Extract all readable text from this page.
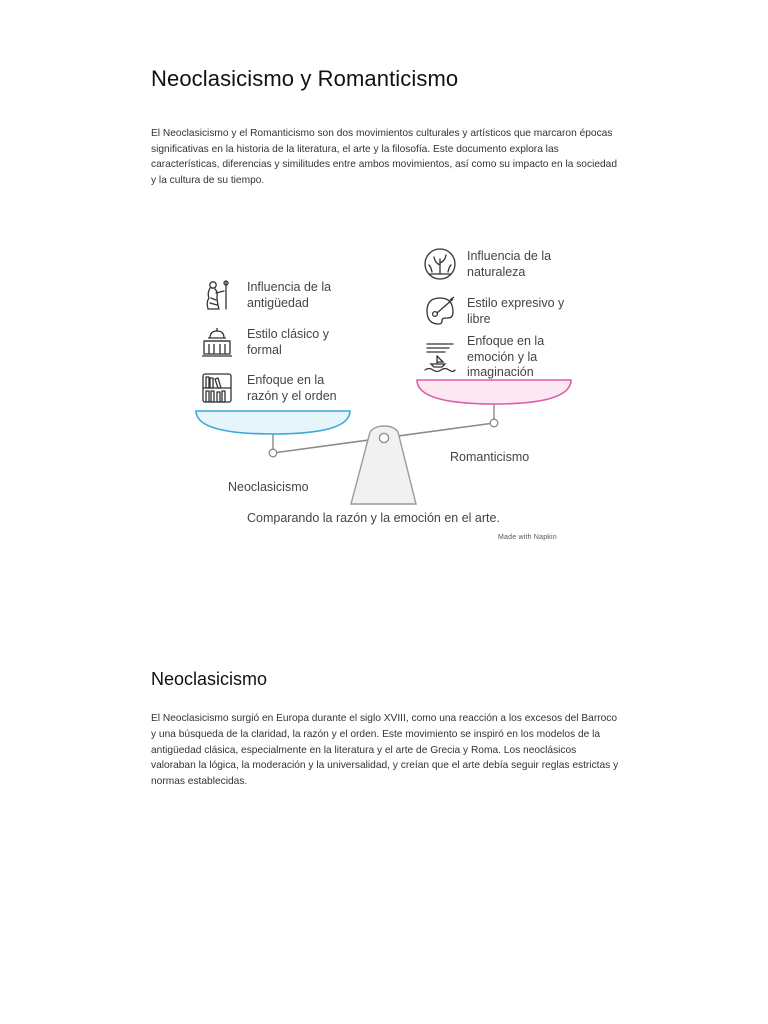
Neoclasicismo y Romanticismo

El Neoclasicismo y el Romanticismo son dos movimientos culturales y artísticos que marcaron épocas significativas en la historia de la literatura, el arte y la filosofía. Este documento explora las características, diferencias y similitudes entre ambos movimientos, así como su impacto en la sociedad y la cultura de su tiempo.

Influencia de la antigüedad

Estilo clásico y formal

Enfoque en la razón y el orden

Influencia de la naturaleza

Estilo expresivo y libre

Enfoque en la emoción y la imaginación

Neoclasicismo

Romanticismo

Comparando la razón y la emoción en el arte.

Made with Napkin
Neoclasicismo

El Neoclasicismo surgió en Europa durante el siglo XVIII, como una reacción a los excesos del Barroco y una búsqueda de la claridad, la razón y el orden. Este movimiento se inspiró en los modelos de la antigüedad clásica, especialmente en la literatura y el arte de Grecia y Roma. Los neoclásicos valoraban la lógica, la moderación y la universalidad, y creían que el arte debía seguir reglas estrictas y normas establecidas.
